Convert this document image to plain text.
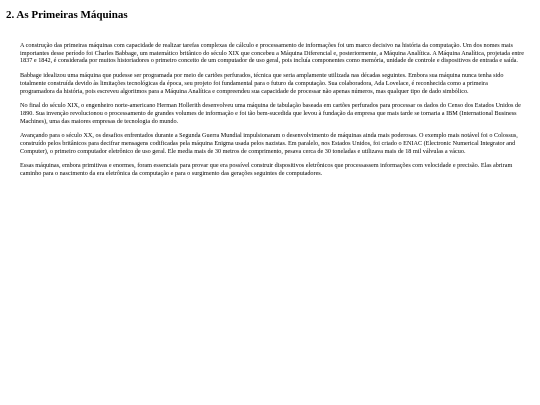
2. As Primeiras Máquinas

A construção das primeiras máquinas com capacidade de realizar tarefas complexas de cálculo e processamento de informações foi um marco decisivo na história da computação. Um dos nomes mais importantes desse período foi Charles Babbage, um matemático britânico do século XIX que concebeu a Máquina Diferencial e, posteriormente, a Máquina Analítica. A Máquina Analítica, projetada entre 1837 e 1842, é considerada por muitos historiadores o primeiro conceito de um computador de uso geral, pois incluía componentes como memória, unidade de controle e dispositivos de entrada e saída.

Babbage idealizou uma máquina que pudesse ser programada por meio de cartões perfurados, técnica que seria amplamente utilizada nas décadas seguintes. Embora sua máquina nunca tenha sido totalmente construída devido às limitações tecnológicas da época, seu projeto foi fundamental para o futuro da computação. Sua colaboradora, Ada Lovelace, é reconhecida como a primeira programadora da história, pois escreveu algoritmos para a Máquina Analítica e compreendeu sua capacidade de processar não apenas números, mas qualquer tipo de dado simbólico.

No final do século XIX, o engenheiro norte-americano Herman Hollerith desenvolveu uma máquina de tabulação baseada em cartões perfurados para processar os dados do Censo dos Estados Unidos de 1890. Sua invenção revolucionou o processamento de grandes volumes de informação e foi tão bem-sucedida que levou à fundação da empresa que mais tarde se tornaria a IBM (International Business Machines), uma das maiores empresas de tecnologia do mundo.

Avançando para o século XX, os desafios enfrentados durante a Segunda Guerra Mundial impulsionaram o desenvolvimento de máquinas ainda mais poderosas. O exemplo mais notável foi o Colossus, construído pelos britânicos para decifrar mensagens codificadas pela máquina Enigma usada pelos nazistas. Em paralelo, nos Estados Unidos, foi criado o ENIAC (Electronic Numerical Integrator and Computer), o primeiro computador eletrônico de uso geral. Ele media mais de 30 metros de comprimento, pesava cerca de 30 toneladas e utilizava mais de 18 mil válvulas a vácuo.

Essas máquinas, embora primitivas e enormes, foram essenciais para provar que era possível construir dispositivos eletrônicos que processassem informações com velocidade e precisão. Elas abriram caminho para o nascimento da era eletrônica da computação e para o surgimento das gerações seguintes de computadores.
